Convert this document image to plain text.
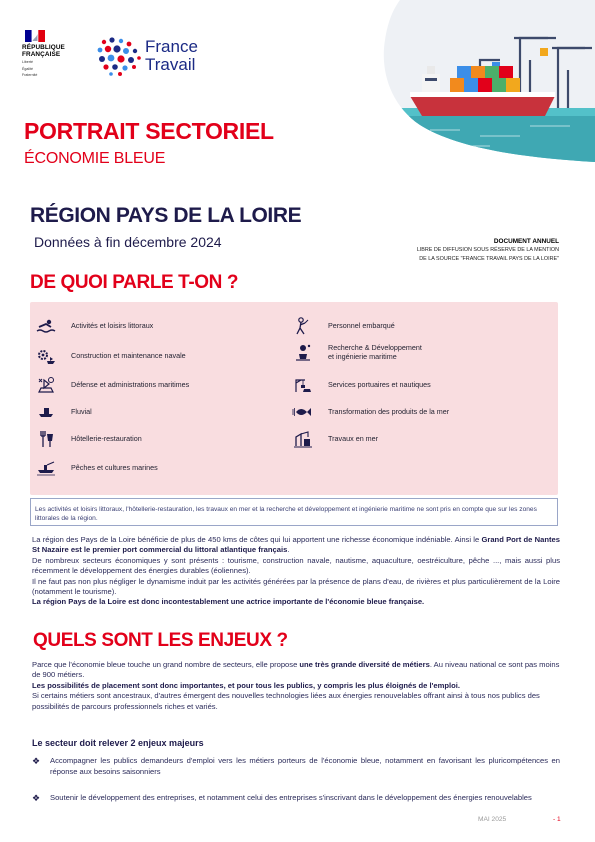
RÉPUBLIQUE
FRANÇAISE
Liberté
Égalité
Fraternité
France
Travail
PORTRAIT SECTORIEL
ÉCONOMIE BLEUE
RÉGION PAYS DE LA LOIRE
Données à fin décembre 2024	DOCUMENT ANNUEL
LIBRE DE DIFFUSION SOUS RÉSERVE DE LA MENTION
DE LA SOURCE "FRANCE TRAVAIL PAYS DE LA LOIRE"
DE QUOI PARLE T-ON ?
Activités et loisirs littoraux
Construction et maintenance navale
Défense et administrations maritimes
Fluvial
Hôtellerie-restauration
Pêches et cultures marines
Personnel embarqué
Recherche & Développement
et ingénierie maritime
Services portuaires et nautiques
Transformation des produits de la mer
Travaux en mer

Les activités et loisirs littoraux, l'hôtellerie-restauration, les travaux en mer et la recherche et développement et ingénierie maritime ne sont pris en compte que sur les zones littorales de la région.

La région des Pays de la Loire bénéficie de plus de 450 kms de côtes qui lui apportent une richesse économique indéniable. Ainsi le Grand Port de Nantes St Nazaire est le premier port commercial du littoral atlantique français.
De nombreux secteurs économiques y sont présents : tourisme, construction navale, nautisme, aquaculture, oestréiculture, pêche ..., mais aussi plus récemment le développement des énergies durables (éoliennes).
Il ne faut pas non plus négliger le dynamisme induit par les activités générées par la présence de plans d'eau, de rivières et plus particulièrement de la Loire (notamment le tourisme).
La région Pays de la Loire est donc incontestablement une actrice importante de l'économie bleue française.
QUELS SONT LES ENJEUX ?
Parce que l'économie bleue touche un grand nombre de secteurs, elle propose une très grande diversité de métiers. Au niveau national ce sont pas moins de 900 métiers.
Les possibilités de placement sont donc importantes, et pour tous les publics, y compris les plus éloignés de l'emploi.
Si certains métiers sont ancestraux, d'autres émergent des nouvelles technologies liées aux énergies renouvelables offrant ainsi à tous nos publics des possibilités de parcours professionnels riches et variés.
Le secteur doit relever 2 enjeux majeurs
❖	Accompagner les publics demandeurs d'emploi vers les métiers porteurs de l'économie bleue, notamment en favorisant les pluricompétences en réponse aux besoins saisonniers
❖	Soutenir le développement des entreprises, et notamment celui des entreprises s'inscrivant dans le développement des énergies renouvelables
MAI 2025	- 1
